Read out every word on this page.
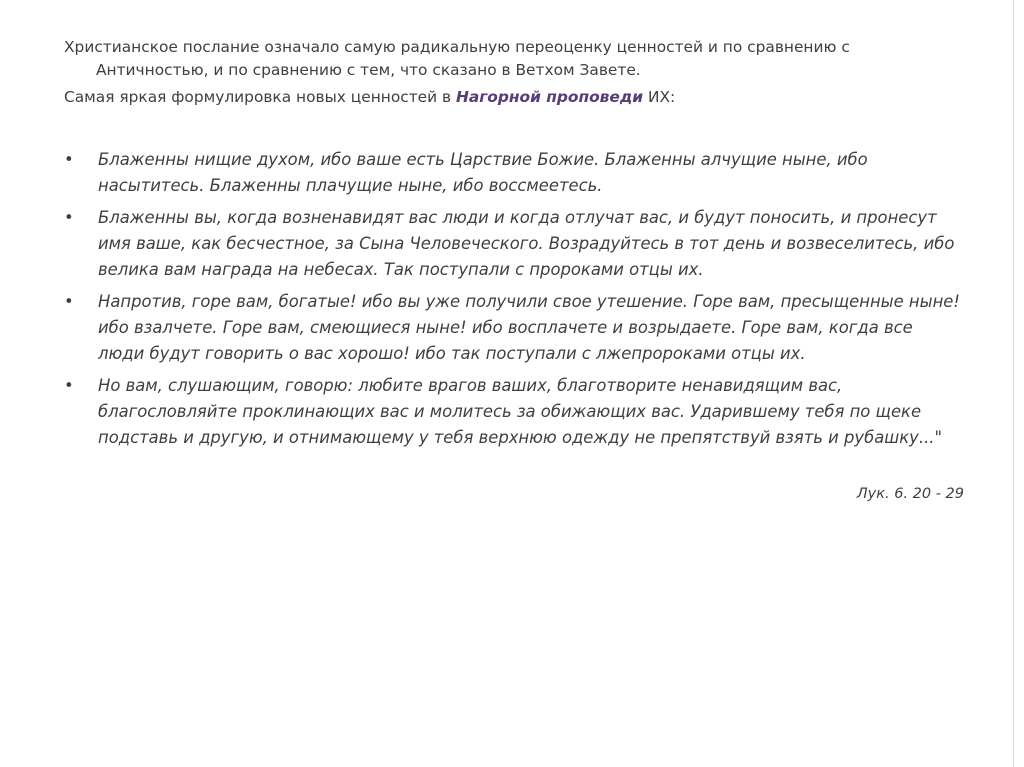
Христианское послание означало самую радикальную переоценку ценностей и по сравнению с Античностью, и по сравнению с тем, что сказано в Ветхом Завете.

Самая яркая формулировка новых ценностей в Нагорной проповеди ИХ:

• Блаженны нищие духом, ибо ваше есть Царствие Божие. Блаженны алчущие ныне, ибо насытитесь. Блаженны плачущие ныне, ибо воссмеетесь.
• Блаженны вы, когда возненавидят вас люди и когда отлучат вас, и будут поносить, и пронесут имя ваше, как бесчестное, за Сына Человеческого. Возрадуйтесь в тот день и возвеселитесь, ибо велика вам награда на небесах. Так поступали с пророками отцы их.
• Напротив, горе вам, богатые! ибо вы уже получили свое утешение. Горе вам, пресыщенные ныне! ибо взалчете. Горе вам, смеющиеся ныне! ибо восплачете и возрыдаете. Горе вам, когда все люди будут говорить о вас хорошо! ибо так поступали с лжепророками отцы их.
• Но вам, слушающим, говорю: любите врагов ваших, благотворите ненавидящим вас, благословляйте проклинающих вас и молитесь за обижающих вас. Ударившему тебя по щеке подставь и другую, и отнимающему у тебя верхнюю одежду не препятствуй взять и рубашку..."
Лук. 6. 20 - 29
